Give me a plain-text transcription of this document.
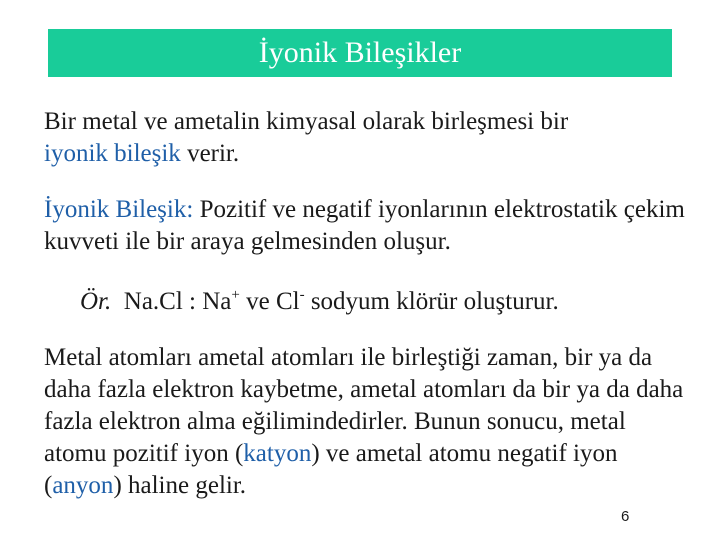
İyonik Bileşikler

Bir metal ve ametalin kimyasal olarak birleşmesi bir
iyonik bileşik verir.

İyonik Bileşik: Pozitif ve negatif iyonlarının elektrostatik çekim kuvveti ile bir araya gelmesinden oluşur.

Ör.  Na.Cl : Na+ ve Cl- sodyum klörür oluşturur.

Metal atomları ametal atomları ile birleştiği zaman, bir ya da daha fazla elektron kaybetme, ametal atomları da bir ya da daha fazla elektron alma eğilimindedirler. Bunun sonucu, metal atomu pozitif iyon (katyon) ve ametal atomu negatif iyon (anyon) haline gelir.

6
